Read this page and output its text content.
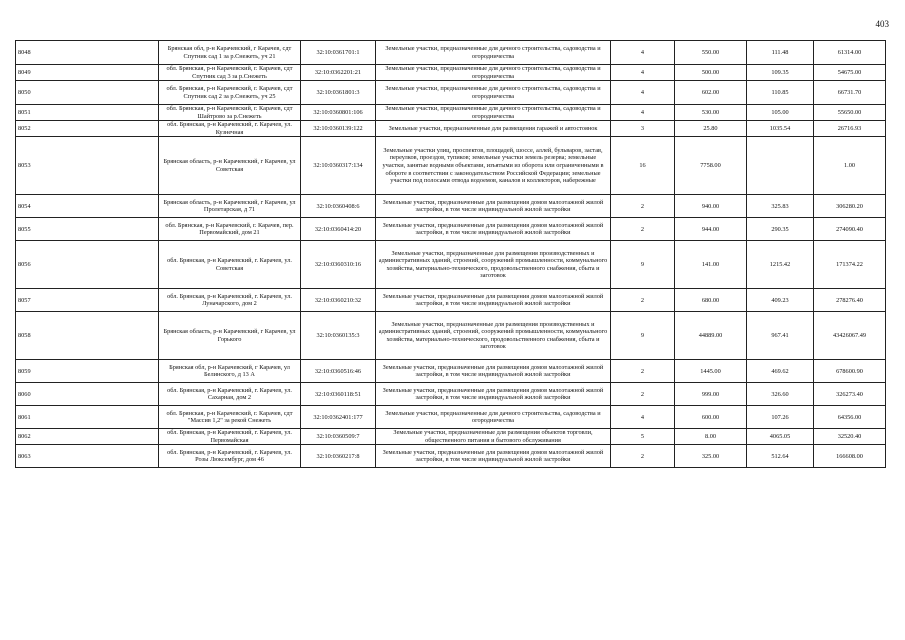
403
8048	Брянская обл, р-н Карачевский, г Карачев, сдт Спутник сад 1 за р.Снежеть, уч 21	32:10:0361701:1	Земельные участки, предназначенные для дачного строительства, садоводства и огородничества	4	550.00	111.48	61314.00
8049	обл. Брянская, р-н Карачевский, г. Карачев, сдт Спутник сад 3 за р.Снежеть	32:10:0362201:21	Земельные участки, предназначенные для дачного строительства, садоводства и огородничества	4	500.00	109.35	54675.00
8050	обл. Брянская, р-н Карачевский, г. Карачев, сдт Спутник сад 2 за р.Снежеть, уч 25	32:10:0361801:3	Земельные участки, предназначенные для дачного строительства, садоводства и огородничества	4	602.00	110.85	66731.70
8051	обл. Брянская, р-н Карачевский, г. Карачев, сдт Шайтрово за р.Снежеть	32:10:0360801:106	Земельные участки, предназначенные для дачного строительства, садоводства и огородничества	4	530.00	105.00	55650.00
8052	обл. Брянская, р-н Карачевский, г. Карачев, ул. Кузнечная	32:10:0360139:122	Земельные участки, предназначенные для размещения гаражей и автостоянок	3	25.80	1035.54	26716.93
8053	Брянская область, р-н Карачевский, г Карачев, ул Советская	32:10:0360317:134	Земельные участки улиц, проспектов, площадей, шоссе, аллей, бульваров, застав, переулков, проездов, тупиков; земельные участки земель резерва; земельные участки, занятые водными объектами, изъятыми из оборота или ограниченными в обороте в соответствии с законодательством Российской Федерации; земельные участки под полосами отвода водоемов, каналов и коллекторов, набережные	16	7758.00		1.00
8054	Брянская область, р-н Карачевский, г Карачев, ул Пролетарская, д 71	32:10:0360408:6	Земельные участки, предназначенные для размещения домов малоэтажной жилой застройки, в том числе индивидуальной жилой застройки	2	940.00	325.83	306280.20
8055	обл. Брянская, р-н Карачевский, г. Карачев, пер. Первомайский, дом 21	32:10:0360414:20	Земельные участки, предназначенные для размещения домов малоэтажной жилой застройки, в том числе индивидуальной жилой застройки	2	944.00	290.35	274090.40
8056	обл. Брянская, р-н Карачевский, г. Карачев, ул. Советская	32:10:0360310:16	Земельные участки, предназначенные для размещения производственных и административных зданий, строений, сооружений промышленности, коммунального хозяйства, материально-технического, продовольственного снабжения, сбыта и заготовок	9	141.00	1215.42	171374.22
8057	обл. Брянская, р-н Карачевский, г. Карачев, ул. Луначарского, дом 2	32:10:0360210:32	Земельные участки, предназначенные для размещения домов малоэтажной жилой застройки, в том числе индивидуальной жилой застройки	2	680.00	409.23	278276.40
8058	Брянская область, р-н Карачевский, г Карачев, ул Горького	32:10:0360135:3	Земельные участки, предназначенные для размещения производственных и административных зданий, строений, сооружений промышленности, коммунального хозяйства, материально-технического, продовольственного снабжения, сбыта и заготовок	9	44889.00	967.41	43426067.49
8059	Брянская обл, р-н Карачевский, г Карачев, ул Белинского, д 13 А	32:10:0360516:46	Земельные участки, предназначенные для размещения домов малоэтажной жилой застройки, в том числе индивидуальной жилой застройки	2	1445.00	469.62	678600.90
8060	обл. Брянская, р-н Карачевский, г. Карачев, ул. Сахарная, дом 2	32:10:0360118:51	Земельные участки, предназначенные для размещения домов малоэтажной жилой застройки, в том числе индивидуальной жилой застройки	2	999.00	326.60	326273.40
8061	обл. Брянская, р-н Карачевский, г. Карачев, сдт "Массив 1,2" за рекой Снежеть	32:10:0362401:177	Земельные участки, предназначенные для дачного строительства, садоводства и огородничества	4	600.00	107.26	64356.00
8062	обл. Брянская, р-н Карачевский, г. Карачев, ул. Первомайская	32:10:0360509:7	Земельные участки, предназначенные для размещения объектов торговли, общественного питания и бытового обслуживания	5	8.00	4065.05	32520.40
8063	обл. Брянская, р-н Карачевский, г. Карачев, ул. Розы Люксембург, дом 46	32:10:0360217:8	Земельные участки, предназначенные для размещения домов малоэтажной жилой застройки, в том числе индивидуальной жилой застройки	2	325.00	512.64	166608.00
